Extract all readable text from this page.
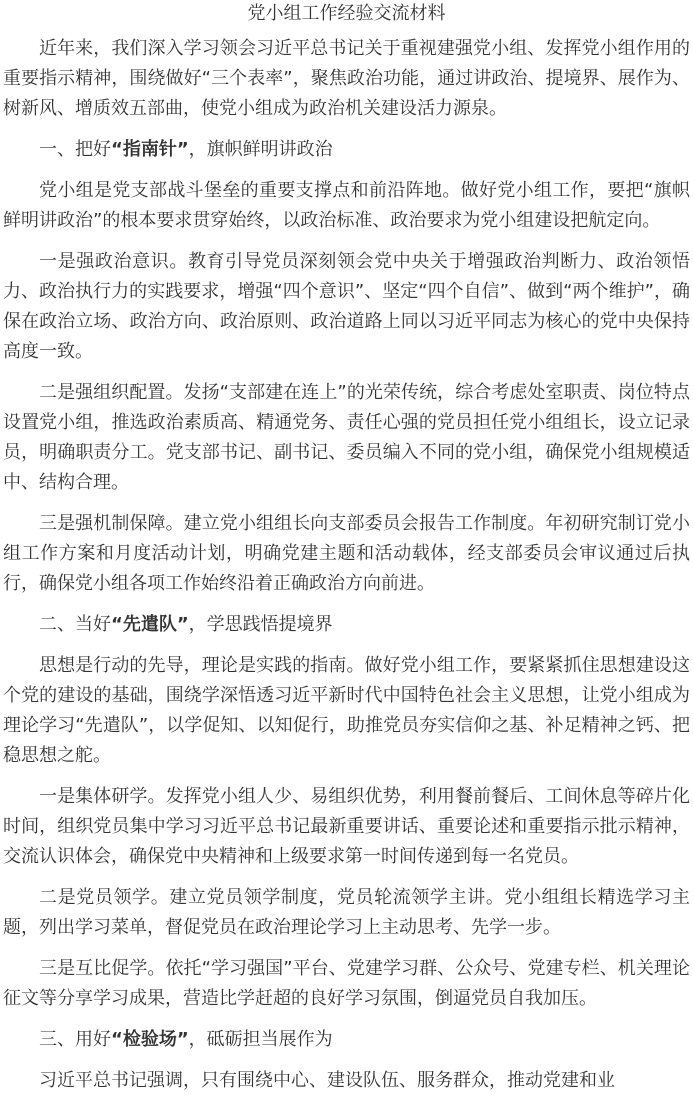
党小组工作经验交流材料

近年来，我们深入学习领会习近平总书记关于重视建强党小组、发挥党小组作用的重要指示精神，围绕做好“三个表率”，聚焦政治功能，通过讲政治、提境界、展作为、树新风、增质效五部曲，使党小组成为政治机关建设活力源泉。

一、把好“指南针”，旗帜鲜明讲政治

党小组是党支部战斗堡垒的重要支撑点和前沿阵地。做好党小组工作，要把“旗帜鲜明讲政治”的根本要求贯穿始终，以政治标准、政治要求为党小组建设把航定向。

一是强政治意识。教育引导党员深刻领会党中央关于增强政治判断力、政治领悟力、政治执行力的实践要求，增强“四个意识”、坚定“四个自信”、做到“两个维护”，确保在政治立场、政治方向、政治原则、政治道路上同以习近平同志为核心的党中央保持高度一致。

二是强组织配置。发扬“支部建在连上”的光荣传统，综合考虑处室职责、岗位特点设置党小组，推选政治素质高、精通党务、责任心强的党员担任党小组组长，设立记录员，明确职责分工。党支部书记、副书记、委员编入不同的党小组，确保党小组规模适中、结构合理。

三是强机制保障。建立党小组组长向支部委员会报告工作制度。年初研究制订党小组工作方案和月度活动计划，明确党建主题和活动载体，经支部委员会审议通过后执行，确保党小组各项工作始终沿着正确政治方向前进。

二、当好“先遣队”，学思践悟提境界

思想是行动的先导，理论是实践的指南。做好党小组工作，要紧紧抓住思想建设这个党的建设的基础，围绕学深悟透习近平新时代中国特色社会主义思想，让党小组成为理论学习“先遣队”，以学促知、以知促行，助推党员夯实信仰之基、补足精神之钙、把稳思想之舵。

一是集体研学。发挥党小组人少、易组织优势，利用餐前餐后、工间休息等碎片化时间，组织党员集中学习习近平总书记最新重要讲话、重要论述和重要指示批示精神，交流认识体会，确保党中央精神和上级要求第一时间传递到每一名党员。

二是党员领学。建立党员领学制度，党员轮流领学主讲。党小组组长精选学习主题，列出学习菜单，督促党员在政治理论学习上主动思考、先学一步。

三是互比促学。依托“学习强国”平台、党建学习群、公众号、党建专栏、机关理论征文等分享学习成果，营造比学赶超的良好学习氛围，倒逼党员自我加压。

三、用好“检验场”，砥砺担当展作为

习近平总书记强调，只有围绕中心、建设队伍、服务群众，推动党建和业
